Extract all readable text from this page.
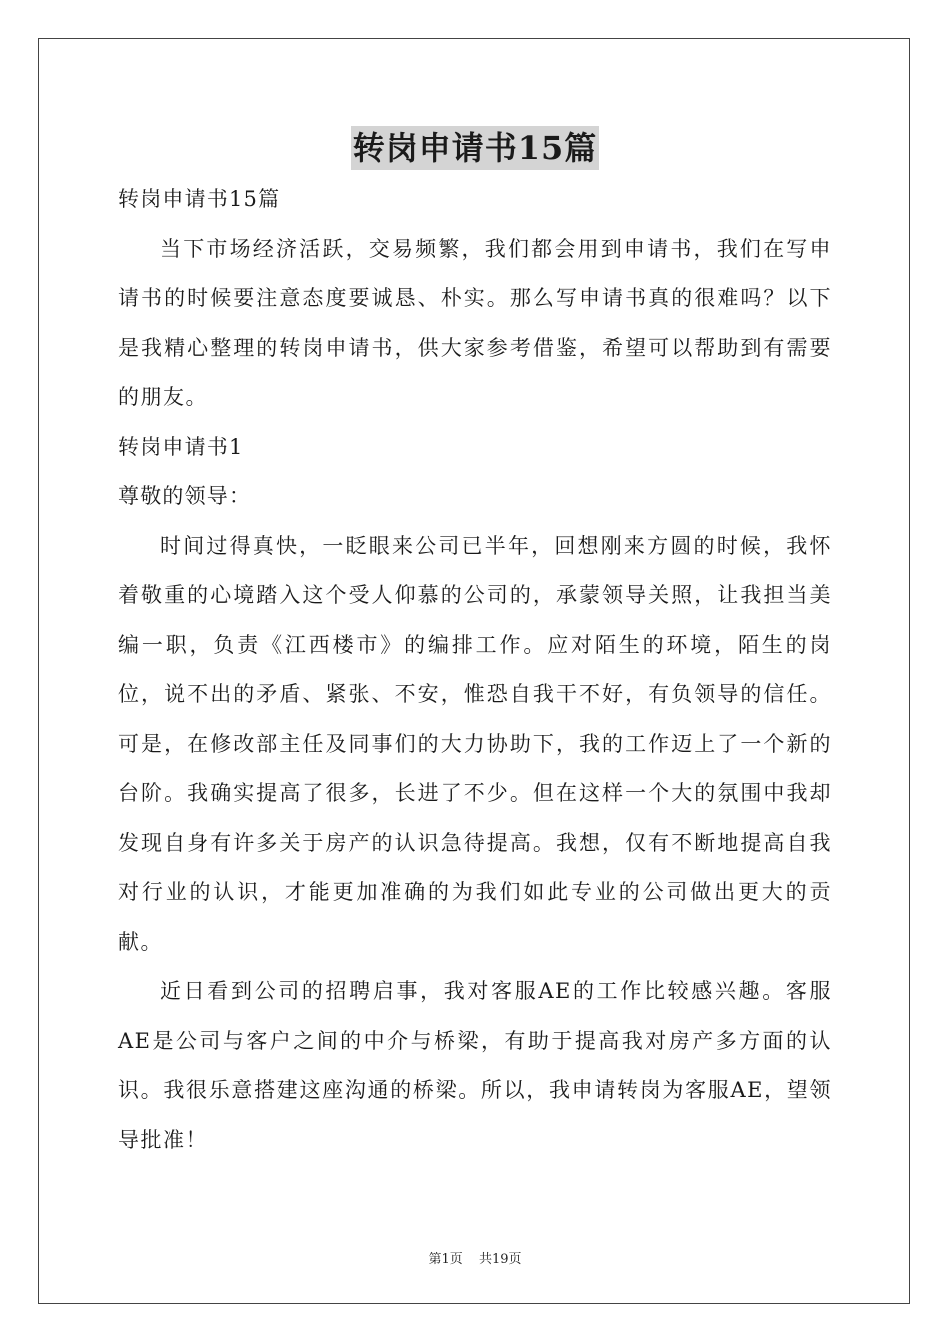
转岗申请书15篇

转岗申请书15篇

当下市场经济活跃，交易频繁，我们都会用到申请书，我们在写申请书的时候要注意态度要诚恳、朴实。那么写申请书真的很难吗？以下是我精心整理的转岗申请书，供大家参考借鉴，希望可以帮助到有需要的朋友。

转岗申请书1

尊敬的领导：

时间过得真快，一眨眼来公司已半年，回想刚来方圆的时候，我怀着敬重的心境踏入这个受人仰慕的公司的，承蒙领导关照，让我担当美编一职，负责《江西楼市》的编排工作。应对陌生的环境，陌生的岗位，说不出的矛盾、紧张、不安，惟恐自我干不好，有负领导的信任。可是，在修改部主任及同事们的大力协助下，我的工作迈上了一个新的台阶。我确实提高了很多，长进了不少。但在这样一个大的氛围中我却发现自身有许多关于房产的认识急待提高。我想，仅有不断地提高自我对行业的认识，才能更加准确的为我们如此专业的公司做出更大的贡献。

近日看到公司的招聘启事，我对客服AE的工作比较感兴趣。客服AE是公司与客户之间的中介与桥梁，有助于提高我对房产多方面的认识。我很乐意搭建这座沟通的桥梁。所以，我申请转岗为客服AE，望领导批准！

第1页 共19页
